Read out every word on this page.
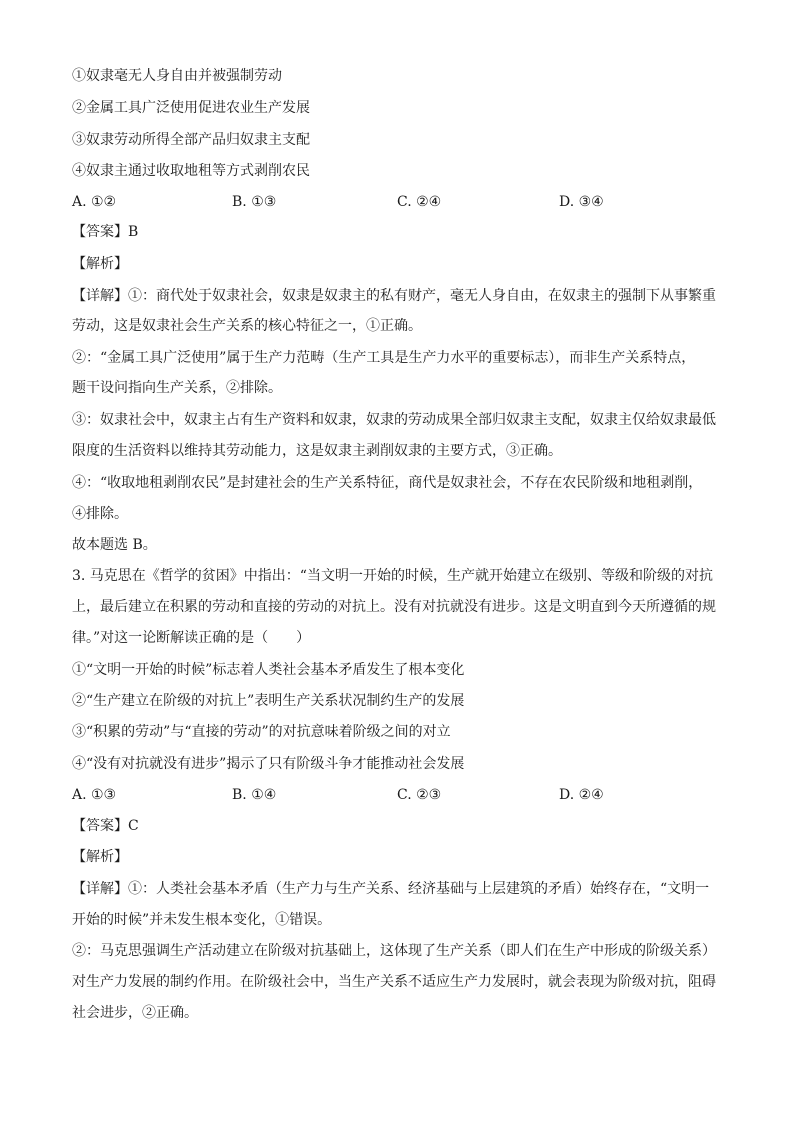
①奴隶毫无人身自由并被强制劳动
②金属工具广泛使用促进农业生产发展
③奴隶劳动所得全部产品归奴隶主支配
④奴隶主通过收取地租等方式剥削农民
A. ①②	B. ①③	C. ②④	D. ③④
【答案】B
【解析】
【详解】①：商代处于奴隶社会，奴隶是奴隶主的私有财产，毫无人身自由，在奴隶主的强制下从事繁重
劳动，这是奴隶社会生产关系的核心特征之一，①正确。
②：“金属工具广泛使用”属于生产力范畴（生产工具是生产力水平的重要标志），而非生产关系特点，
题干设问指向生产关系，②排除。
③：奴隶社会中，奴隶主占有生产资料和奴隶，奴隶的劳动成果全部归奴隶主支配，奴隶主仅给奴隶最低
限度的生活资料以维持其劳动能力，这是奴隶主剥削奴隶的主要方式，③正确。
④：“收取地租剥削农民”是封建社会的生产关系特征，商代是奴隶社会，不存在农民阶级和地租剥削，
④排除。
故本题选 B。
3. 马克思在《哲学的贫困》中指出：“当文明一开始的时候，生产就开始建立在级别、等级和阶级的对抗
上，最后建立在积累的劳动和直接的劳动的对抗上。没有对抗就没有进步。这是文明直到今天所遵循的规
律。”对这一论断解读正确的是（　　）
①“文明一开始的时候”标志着人类社会基本矛盾发生了根本变化
②“生产建立在阶级的对抗上”表明生产关系状况制约生产的发展
③“积累的劳动”与“直接的劳动”的对抗意味着阶级之间的对立
④“没有对抗就没有进步”揭示了只有阶级斗争才能推动社会发展
A. ①③	B. ①④	C. ②③	D. ②④
【答案】C
【解析】
【详解】①：人类社会基本矛盾（生产力与生产关系、经济基础与上层建筑的矛盾）始终存在，“文明一
开始的时候”并未发生根本变化，①错误。
②：马克思强调生产活动建立在阶级对抗基础上，这体现了生产关系（即人们在生产中形成的阶级关系）
对生产力发展的制约作用。在阶级社会中，当生产关系不适应生产力发展时，就会表现为阶级对抗，阻碍
社会进步，②正确。
